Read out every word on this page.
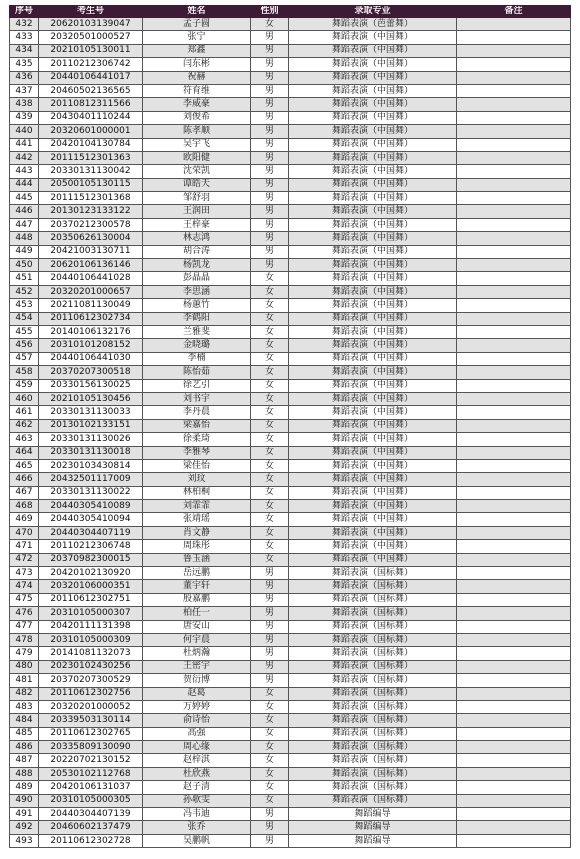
序号	考生号	姓名	性别	录取专业	备注
432	20620103139047	孟子圆	女	舞蹈表演（芭蕾舞）	
433	20320501000527	张宁	男	舞蹈表演（中国舞）	
434	20210105130011	郑鑫	男	舞蹈表演（中国舞）	
435	20110212306742	闫东彬	男	舞蹈表演（中国舞）	
436	20440106441017	祝赫	男	舞蹈表演（中国舞）	
437	20460502136565	符育维	男	舞蹈表演（中国舞）	
438	20110812311566	李威豪	男	舞蹈表演（中国舞）	
439	20430401110244	刘俊希	男	舞蹈表演（中国舞）	
440	20320601000001	陈孝顺	男	舞蹈表演（中国舞）	
441	20420104130784	吴宇飞	男	舞蹈表演（中国舞）	
442	20111512301363	欧阳健	男	舞蹈表演（中国舞）	
443	20330131130042	沈荣凯	男	舞蹈表演（中国舞）	
444	20500105130115	谭皓天	男	舞蹈表演（中国舞）	
445	20111512301368	邹舒羽	男	舞蹈表演（中国舞）	
446	20130123133122	王润田	男	舞蹈表演（中国舞）	
447	20370212300578	王梓豪	男	舞蹈表演（中国舞）	
448	20350626130004	林志鸿	男	舞蹈表演（中国舞）	
449	20421003130711	胡合涛	男	舞蹈表演（中国舞）	
450	20620106136146	杨凯龙	男	舞蹈表演（中国舞）	
451	20440106441028	彭晶晶	女	舞蹈表演（中国舞）	
452	20320201000657	李思涵	女	舞蹈表演（中国舞）	
453	20211081130049	杨蕙竹	女	舞蹈表演（中国舞）	
454	20110612302734	李鹤阳	女	舞蹈表演（中国舞）	
455	20140106132176	兰雅斐	女	舞蹈表演（中国舞）	
456	20310101208152	金晓璐	女	舞蹈表演（中国舞）	
457	20440106441030	李楠	女	舞蹈表演（中国舞）	
458	20370207300518	陈怡茹	女	舞蹈表演（中国舞）	
459	20330156130025	徐艺引	女	舞蹈表演（中国舞）	
460	20210105130456	刘书宇	女	舞蹈表演（中国舞）	
461	20330131130033	李丹晨	女	舞蹈表演（中国舞）	
462	20130102133151	梁嘉怡	女	舞蹈表演（中国舞）	
463	20330131130026	徐柔琦	女	舞蹈表演（中国舞）	
464	20330131130018	李雅琴	女	舞蹈表演（中国舞）	
465	20230103430814	梁佳怡	女	舞蹈表演（中国舞）	
466	20432501117009	刘玟	女	舞蹈表演（中国舞）	
467	20330131130022	林柏桐	女	舞蹈表演（中国舞）	
468	20440305410089	刘霏霏	女	舞蹈表演（中国舞）	
469	20440305410094	张靖瑶	女	舞蹈表演（中国舞）	
470	20440304407119	肖文静	女	舞蹈表演（中国舞）	
471	20110212306748	周珠彤	女	舞蹈表演（中国舞）	
472	20370982300015	鲁玉涵	女	舞蹈表演（中国舞）	
473	20420102130920	岳远鹏	男	舞蹈表演（国标舞）	
474	20320106000351	董宇轩	男	舞蹈表演（国标舞）	
475	20110612302751	殷嘉鹏	男	舞蹈表演（国标舞）	
476	20310105000307	柏任一	男	舞蹈表演（国标舞）	
477	20420111131398	唐安山	男	舞蹈表演（国标舞）	
478	20310105000309	何宇晨	男	舞蹈表演（国标舞）	
479	20141081132073	杜炳瀚	男	舞蹈表演（国标舞）	
480	20230102430256	王密宇	男	舞蹈表演（国标舞）	
481	20370207300529	贺衍博	男	舞蹈表演（国标舞）	
482	20110612302756	赵葛	女	舞蹈表演（国标舞）	
483	20320201000052	万婷婷	女	舞蹈表演（国标舞）	
484	20339503130114	俞诗怡	女	舞蹈表演（国标舞）	
485	20110612302765	高强	女	舞蹈表演（国标舞）	
486	20335809130090	周心缘	女	舞蹈表演（国标舞）	
487	20220702130152	赵梓淇	女	舞蹈表演（国标舞）	
488	20530102112768	杜欣燕	女	舞蹈表演（国标舞）	
489	20420106131037	赵子清	女	舞蹈表演（国标舞）	
490	20310105000305	孙歌雯	女	舞蹈表演（国标舞）	
491	20440304407139	冯韦迪	男	舞蹈编导	
492	20460602137479	张乔	男	舞蹈编导	
493	20110612302728	吴鹏帆	男	舞蹈编导	
